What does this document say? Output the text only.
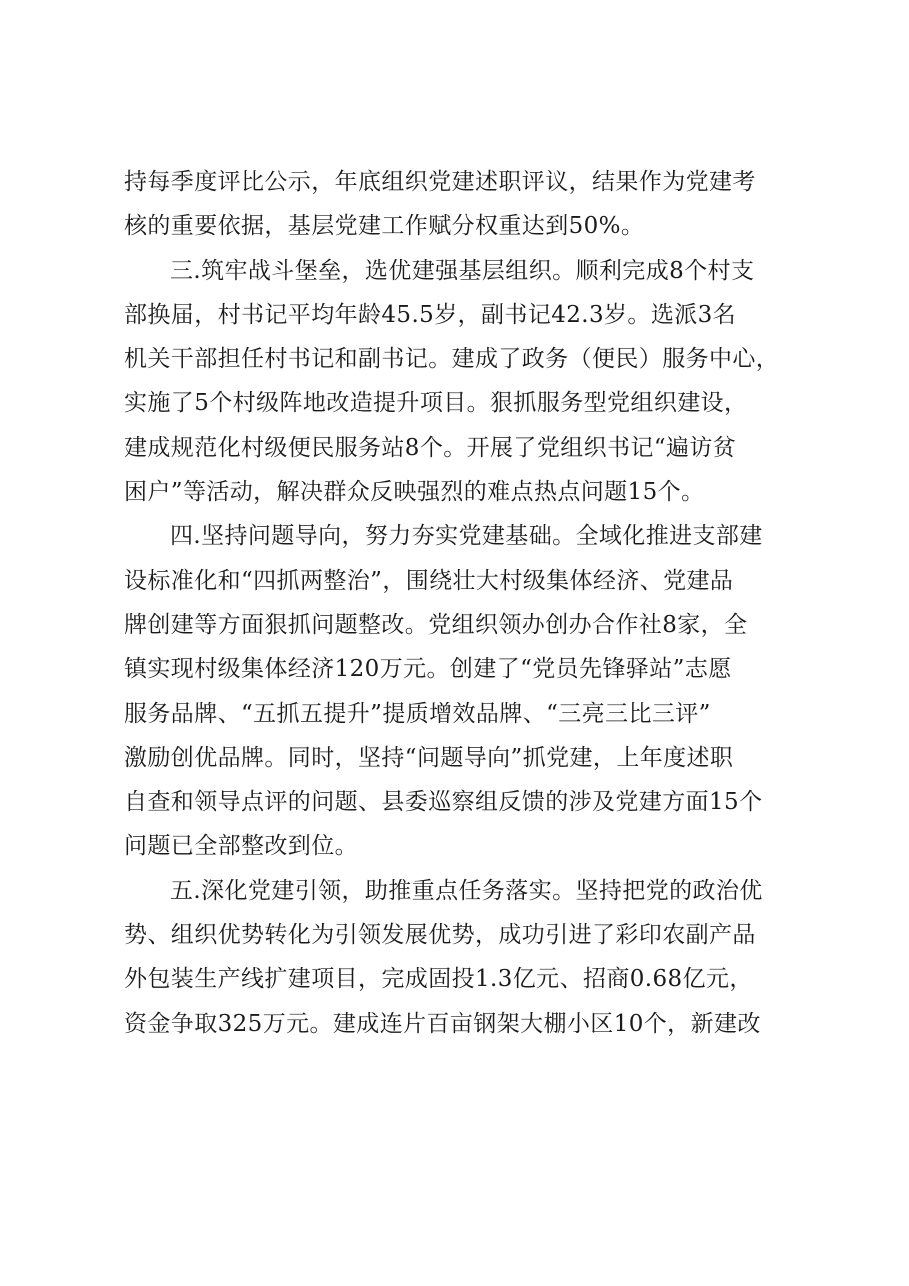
持每季度评比公示，年底组织党建述职评议，结果作为党建考
核的重要依据，基层党建工作赋分权重达到50%。
三.筑牢战斗堡垒，选优建强基层组织。顺利完成8个村支
部换届，村书记平均年龄45.5岁，副书记42.3岁。选派3名
机关干部担任村书记和副书记。建成了政务（便民）服务中心，
实施了5个村级阵地改造提升项目。狠抓服务型党组织建设，
建成规范化村级便民服务站8个。开展了党组织书记“遍访贫
困户”等活动，解决群众反映强烈的难点热点问题15个。
四.坚持问题导向，努力夯实党建基础。全域化推进支部建
设标准化和“四抓两整治”，围绕壮大村级集体经济、党建品
牌创建等方面狠抓问题整改。党组织领办创办合作社8家，全
镇实现村级集体经济120万元。创建了“党员先锋驿站”志愿
服务品牌、“五抓五提升”提质增效品牌、“三亮三比三评”
激励创优品牌。同时，坚持“问题导向”抓党建，上年度述职
自查和领导点评的问题、县委巡察组反馈的涉及党建方面15个
问题已全部整改到位。
五.深化党建引领，助推重点任务落实。坚持把党的政治优
势、组织优势转化为引领发展优势，成功引进了彩印农副产品
外包装生产线扩建项目，完成固投1.3亿元、招商0.68亿元，
资金争取325万元。建成连片百亩钢架大棚小区10个，新建改
